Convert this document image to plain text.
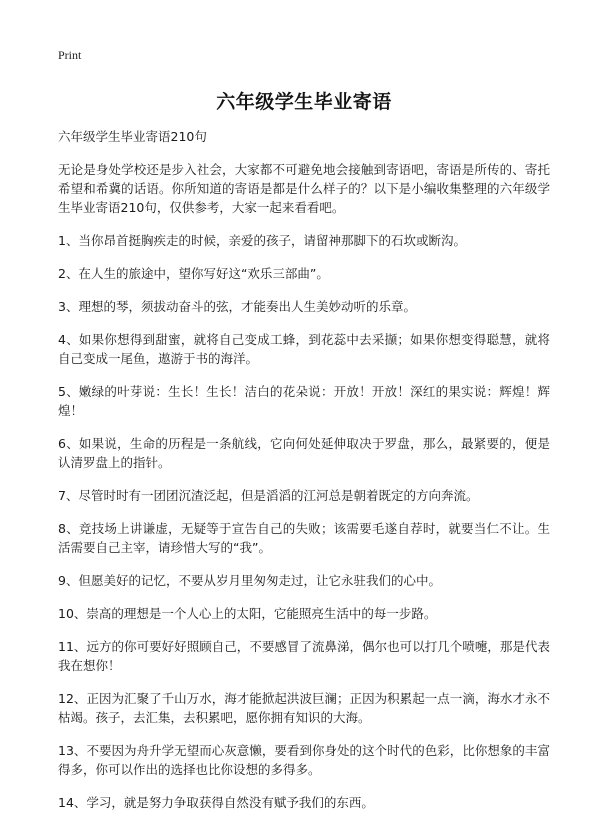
Print
六年级学生毕业寄语

六年级学生毕业寄语210句

无论是身处学校还是步入社会，大家都不可避免地会接触到寄语吧，寄语是所传的、寄托希望和希冀的话语。你所知道的寄语是都是什么样子的？以下是小编收集整理的六年级学生毕业寄语210句，仅供参考，大家一起来看看吧。

1、当你昂首挺胸疾走的时候，亲爱的孩子，请留神那脚下的石坎或断沟。
2、在人生的旅途中，望你写好这“欢乐三部曲”。
3、理想的琴，须拔动奋斗的弦，才能奏出人生美妙动听的乐章。
4、如果你想得到甜蜜，就将自己变成工蜂，到花蕊中去采撷；如果你想变得聪慧，就将自己变成一尾鱼，遨游于书的海洋。
5、嫩绿的叶芽说：生长！生长！洁白的花朵说：开放！开放！深红的果实说：辉煌！辉煌！
6、如果说，生命的历程是一条航线，它向何处延伸取决于罗盘，那么，最紧要的，便是认清罗盘上的指针。
7、尽管时时有一团团沉渣泛起，但是滔滔的江河总是朝着既定的方向奔流。
8、竞技场上讲谦虚，无疑等于宣告自己的失败；该需要毛遂自荐时，就要当仁不让。生活需要自己主宰，请珍惜大写的“我”。
9、但愿美好的记忆，不要从岁月里匆匆走过，让它永驻我们的心中。
10、崇高的理想是一个人心上的太阳，它能照亮生活中的每一步路。
11、远方的你可要好好照顾自己，不要感冒了流鼻涕，偶尔也可以打几个喷嚏，那是代表我在想你！
12、正因为汇聚了千山万水，海才能掀起洪波巨澜；正因为积累起一点一滴，海水才永不枯竭。孩子，去汇集，去积累吧，愿你拥有知识的大海。
13、不要因为舟升学无望而心灰意懒，要看到你身处的这个时代的色彩，比你想象的丰富得多，你可以作出的选择也比你设想的多得多。
14、学习，就是努力争取获得自然没有赋予我们的东西。
